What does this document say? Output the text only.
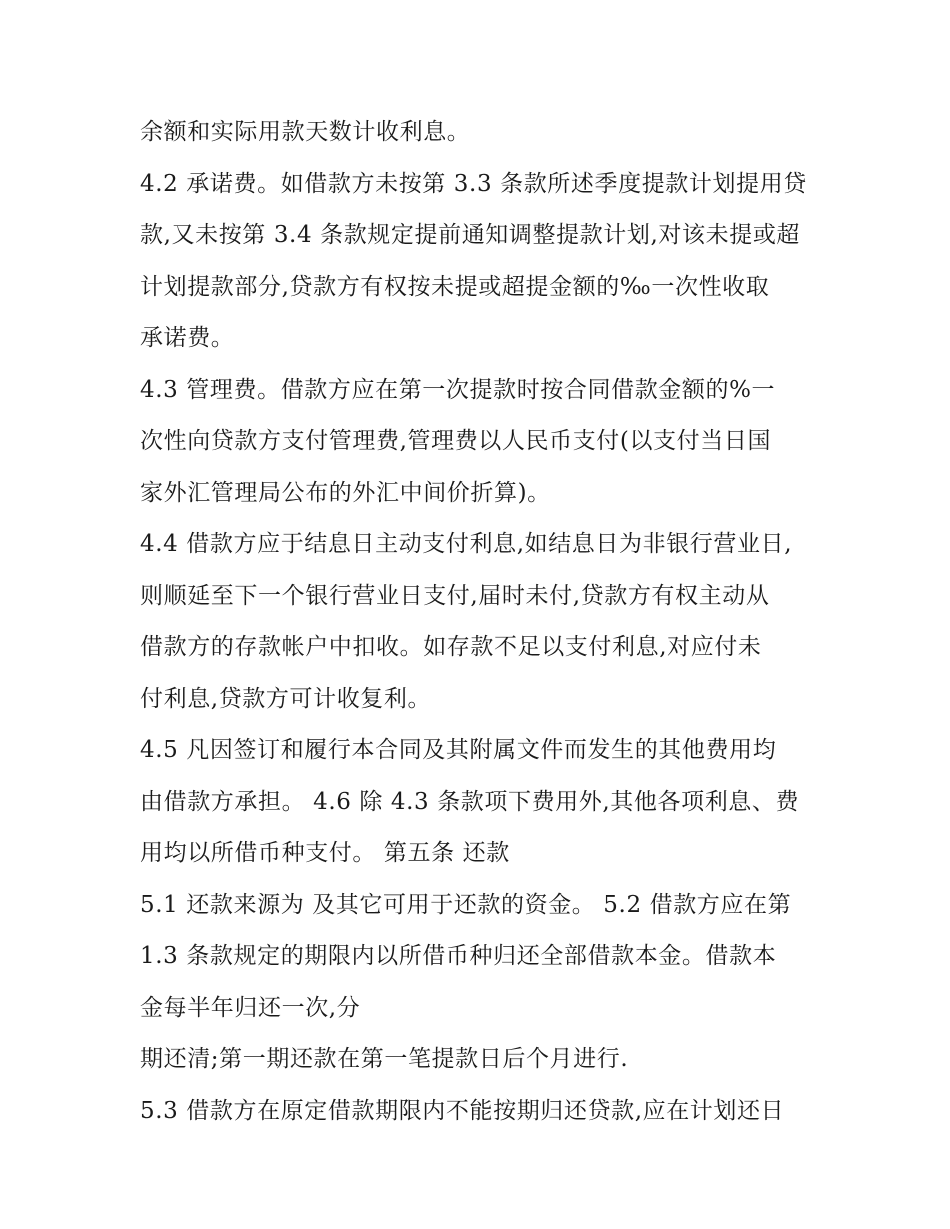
余额和实际用款天数计收利息。
4.2 承诺费。如借款方未按第 3.3 条款所述季度提款计划提用贷
款,又未按第 3.4 条款规定提前通知调整提款计划,对该未提或超
计划提款部分,贷款方有权按未提或超提金额的‰一次性收取
承诺费。
4.3 管理费。借款方应在第一次提款时按合同借款金额的%一
次性向贷款方支付管理费,管理费以人民币支付(以支付当日国
家外汇管理局公布的外汇中间价折算)。
4.4 借款方应于结息日主动支付利息,如结息日为非银行营业日,
则顺延至下一个银行营业日支付,届时未付,贷款方有权主动从
借款方的存款帐户中扣收。如存款不足以支付利息,对应付未
付利息,贷款方可计收复利。
4.5 凡因签订和履行本合同及其附属文件而发生的其他费用均
由借款方承担。 4.6 除 4.3 条款项下费用外,其他各项利息、费
用均以所借币种支付。 第五条 还款
5.1 还款来源为 及其它可用于还款的资金。 5.2 借款方应在第
1.3 条款规定的期限内以所借币种归还全部借款本金。借款本
金每半年归还一次,分
期还清;第一期还款在第一笔提款日后个月进行.
5.3 借款方在原定借款期限内不能按期归还贷款,应在计划还日
